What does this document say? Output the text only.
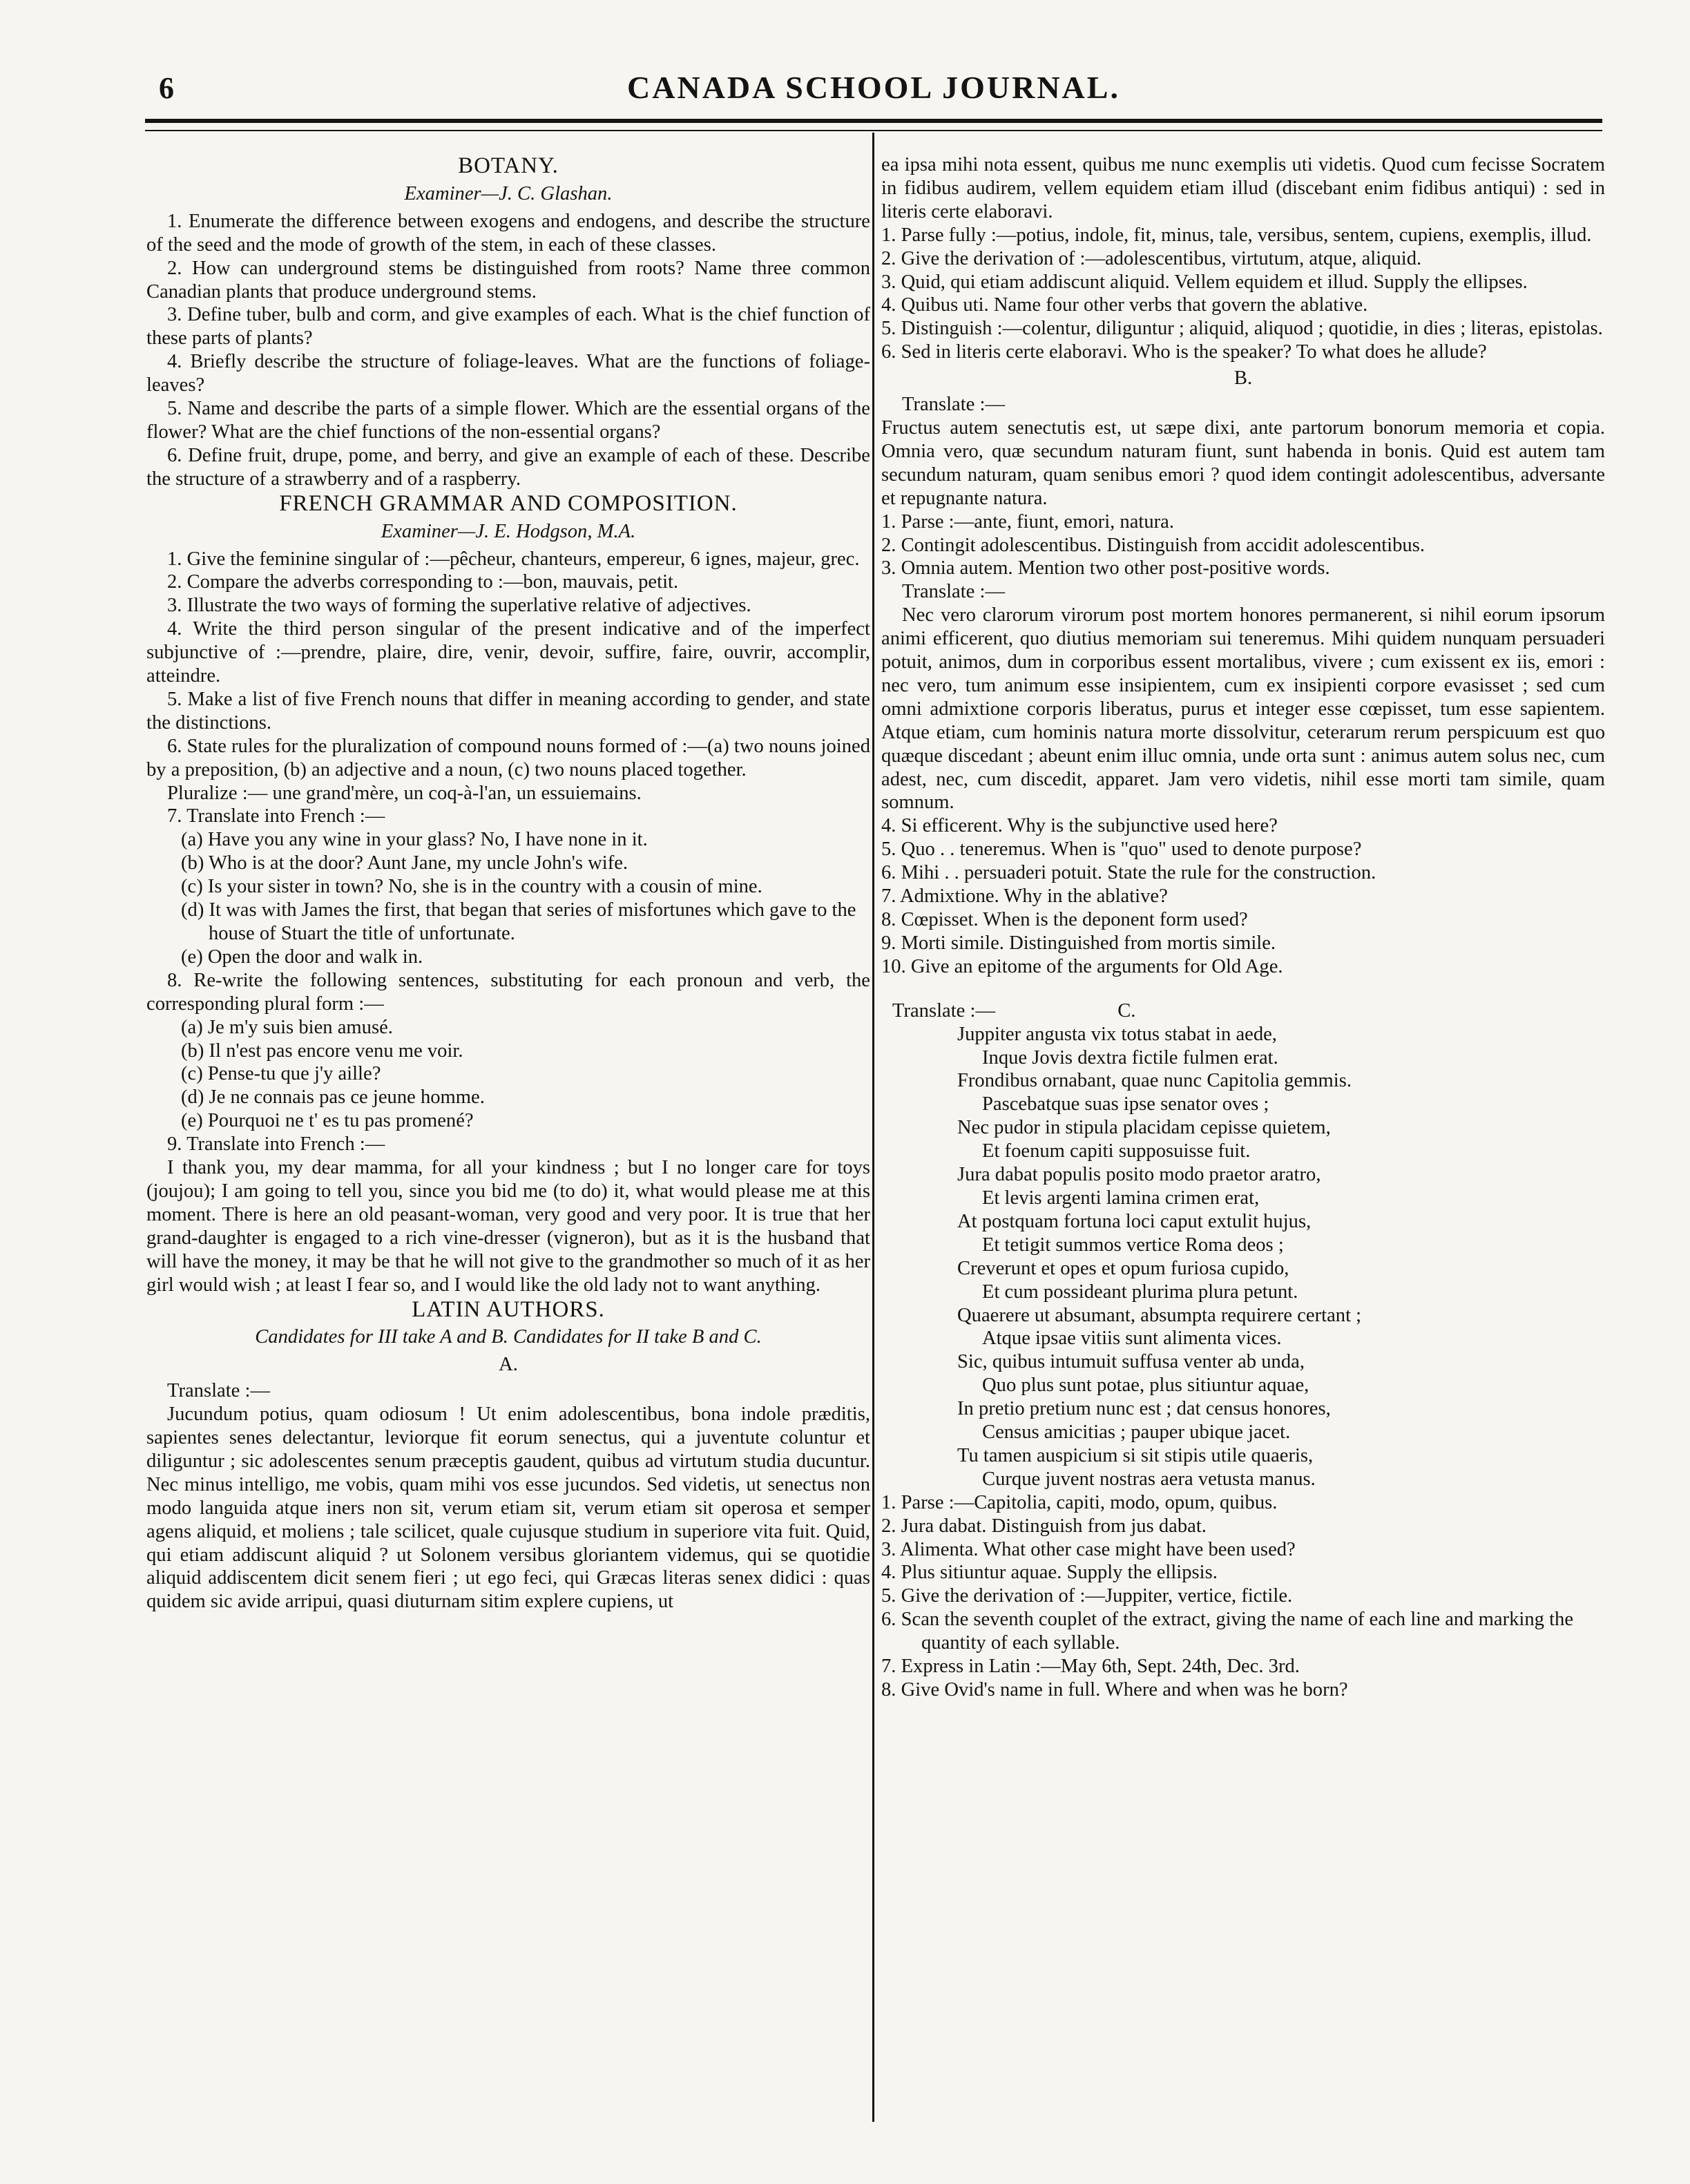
6	CANADA SCHOOL JOURNAL.
BOTANY.
Examiner—J. C. Glashan.

1. Enumerate the difference between exogens and endogens, and describe the structure of the seed and the mode of growth of the stem, in each of these classes.

2. How can underground stems be distinguished from roots? Name three common Canadian plants that produce underground stems.

3. Define tuber, bulb and corm, and give examples of each. What is the chief function of these parts of plants?

4. Briefly describe the structure of foliage-leaves. What are the functions of foliage-leaves?

5. Name and describe the parts of a simple flower. Which are the essential organs of the flower? What are the chief functions of the non-essential organs?

6. Define fruit, drupe, pome, and berry, and give an example of each of these. Describe the structure of a strawberry and of a raspberry.

FRENCH GRAMMAR AND COMPOSITION.
Examiner—J. E. Hodgson, M.A.

1. Give the feminine singular of :—pêcheur, chanteurs, empereur, 6 ignes, majeur, grec.

2. Compare the adverbs corresponding to :—bon, mauvais, petit.

3. Illustrate the two ways of forming the superlative relative of adjectives.

4. Write the third person singular of the present indicative and of the imperfect subjunctive of :—prendre, plaire, dire, venir, devoir, suffire, faire, ouvrir, accomplir, atteindre.

5. Make a list of five French nouns that differ in meaning according to gender, and state the distinctions.

6. State rules for the pluralization of compound nouns formed of :—(a) two nouns joined by a preposition, (b) an adjective and a noun, (c) two nouns placed together.

Pluralize :— une grand'mère, un coq-à-l'an, un essuiemains.

7. Translate into French :—

(a) Have you any wine in your glass? No, I have none in it.

(b) Who is at the door? Aunt Jane, my uncle John's wife.

(c) Is your sister in town? No, she is in the country with a cousin of mine.

(d) It was with James the first, that began that series of misfortunes which gave to the house of Stuart the title of unfortunate.

(e) Open the door and walk in.

8. Re-write the following sentences, substituting for each pronoun and verb, the corresponding plural form :—

(a) Je m'y suis bien amusé.

(b) Il n'est pas encore venu me voir.

(c) Pense-tu que j'y aille?

(d) Je ne connais pas ce jeune homme.

(e) Pourquoi ne t' es tu pas promené?

9. Translate into French :—

I thank you, my dear mamma, for all your kindness ; but I no longer care for toys (joujou); I am going to tell you, since you bid me (to do) it, what would please me at this moment. There is here an old peasant-woman, very good and very poor. It is true that her grand-daughter is engaged to a rich vine-dresser (vigneron), but as it is the husband that will have the money, it may be that he will not give to the grandmother so much of it as her girl would wish ; at least I fear so, and I would like the old lady not to want anything.

LATIN AUTHORS.
Candidates for III take A and B. Candidates for II take B and C.
A.

Translate :—

Jucundum potius, quam odiosum ! Ut enim adolescentibus, bona indole præditis, sapientes senes delectantur, leviorque fit eorum senectus, qui a juventute coluntur et diliguntur ; sic adolescentes senum præceptis gaudent, quibus ad virtutum studia ducuntur. Nec minus intelligo, me vobis, quam mihi vos esse jucundos. Sed videtis, ut senectus non modo languida atque iners non sit, verum etiam sit, verum etiam sit operosa et semper agens aliquid, et moliens ; tale scilicet, quale cujusque studium in superiore vita fuit. Quid, qui etiam addiscunt aliquid ? ut Solonem versibus gloriantem videmus, qui se quotidie aliquid addiscentem dicit senem fieri ; ut ego feci, qui Græcas literas senex didici : quas quidem sic avide arripui, quasi diuturnam sitim explere cupiens, ut

ea ipsa mihi nota essent, quibus me nunc exemplis uti videtis. Quod cum fecisse Socratem in fidibus audirem, vellem equidem etiam illud (discebant enim fidibus antiqui) : sed in literis certe elaboravi.

1. Parse fully :—potius, indole, fit, minus, tale, versibus, sentem, cupiens, exemplis, illud.

2. Give the derivation of :—adolescentibus, virtutum, atque, aliquid.

3. Quid, qui etiam addiscunt aliquid. Vellem equidem et illud. Supply the ellipses.

4. Quibus uti. Name four other verbs that govern the ablative.

5. Distinguish :—colentur, diliguntur ; aliquid, aliquod ; quotidie, in dies ; literas, epistolas.

6. Sed in literis certe elaboravi. Who is the speaker? To what does he allude?

B.

Translate :—

Fructus autem senectutis est, ut sæpe dixi, ante partorum bonorum memoria et copia. Omnia vero, quæ secundum naturam fiunt, sunt habenda in bonis. Quid est autem tam secundum naturam, quam senibus emori ? quod idem contingit adolescentibus, adversante et repugnante natura.

1. Parse :—ante, fiunt, emori, natura.

2. Contingit adolescentibus. Distinguish from accidit adolescentibus.

3. Omnia autem. Mention two other post-positive words.

Translate :—

Nec vero clarorum virorum post mortem honores permanerent, si nihil eorum ipsorum animi efficerent, quo diutius memoriam sui teneremus. Mihi quidem nunquam persuaderi potuit, animos, dum in corporibus essent mortalibus, vivere ; cum exissent ex iis, emori : nec vero, tum animum esse insipientem, cum ex insipienti corpore evasisset ; sed cum omni admixtione corporis liberatus, purus et integer esse cœpisset, tum esse sapientem. Atque etiam, cum hominis natura morte dissolvitur, ceterarum rerum perspicuum est quo quæque discedant ; abeunt enim illuc omnia, unde orta sunt : animus autem solus nec, cum adest, nec, cum discedit, apparet. Jam vero videtis, nihil esse morti tam simile, quam somnum.

4. Si efficerent. Why is the subjunctive used here?

5. Quo . . teneremus. When is "quo" used to denote purpose?

6. Mihi . . persuaderi potuit. State the rule for the construction.

7. Admixtione. Why in the ablative?

8. Cœpisset. When is the deponent form used?

9. Morti simile. Distinguished from mortis simile.

10. Give an epitome of the arguments for Old Age.

Translate :—	C.

Juppiter angusta vix totus stabat in aede,

Inque Jovis dextra fictile fulmen erat.

Frondibus ornabant, quae nunc Capitolia gemmis.

Pascebatque suas ipse senator oves ;

Nec pudor in stipula placidam cepisse quietem,

Et foenum capiti supposuisse fuit.

Jura dabat populis posito modo praetor aratro,

Et levis argenti lamina crimen erat,

At postquam fortuna loci caput extulit hujus,

Et tetigit summos vertice Roma deos ;

Creverunt et opes et opum furiosa cupido,

Et cum possideant plurima plura petunt.

Quaerere ut absumant, absumpta requirere certant ;

Atque ipsae vitiis sunt alimenta vices.

Sic, quibus intumuit suffusa venter ab unda,

Quo plus sunt potae, plus sitiuntur aquae,

In pretio pretium nunc est ; dat census honores,

Census amicitias ; pauper ubique jacet.

Tu tamen auspicium si sit stipis utile quaeris,

Curque juvent nostras aera vetusta manus.

1. Parse :—Capitolia, capiti, modo, opum, quibus.

2. Jura dabat. Distinguish from jus dabat.

3. Alimenta. What other case might have been used?

4. Plus sitiuntur aquae. Supply the ellipsis.

5. Give the derivation of :—Juppiter, vertice, fictile.

6. Scan the seventh couplet of the extract, giving the name of each line and marking the quantity of each syllable.

7. Express in Latin :—May 6th, Sept. 24th, Dec. 3rd.

8. Give Ovid's name in full. Where and when was he born?
